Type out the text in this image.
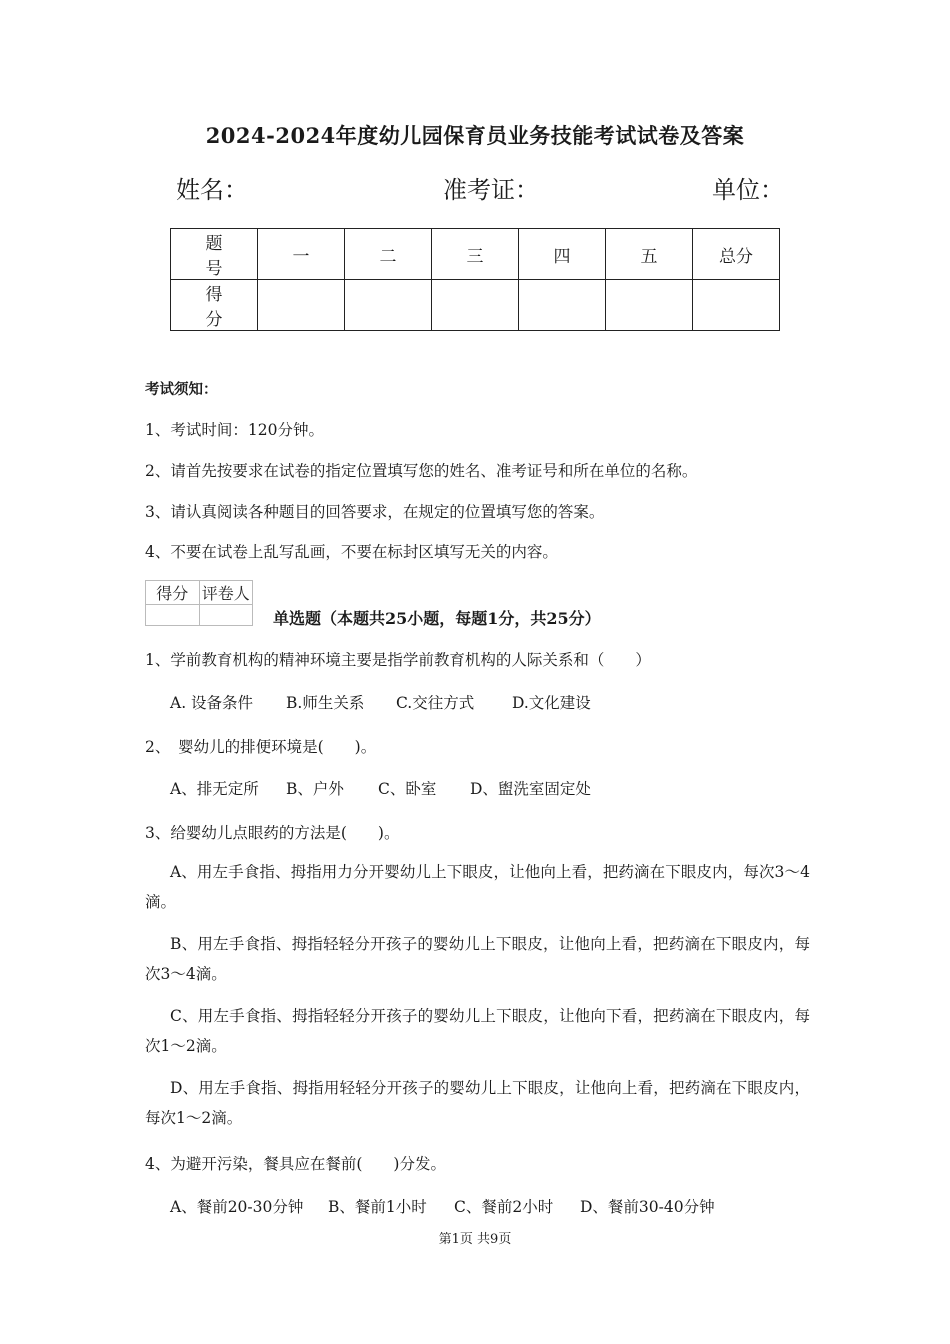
2024-2024年度幼儿园保育员业务技能考试试卷及答案
姓名：	准考证：	单位：
题 号	一	二	三	四	五	总分
得 分						
考试须知：
1、考试时间：120分钟。
2、请首先按要求在试卷的指定位置填写您的姓名、准考证号和所在单位的名称。
3、请认真阅读各种题目的回答要求，在规定的位置填写您的答案。
4、不要在试卷上乱写乱画，不要在标封区填写无关的内容。
得分	评卷人

单选题（本题共25小题，每题1分，共25分）
1、学前教育机构的精神环境主要是指学前教育机构的人际关系和（　　）
A. 设备条件 B.师生关系 C.交往方式 D.文化建设
2、　婴幼儿的排便环境是(　　)。
A、排无定所 B、户外 C、卧室 D、盥洗室固定处
3、给婴幼儿点眼药的方法是(　　)。
A、用左手食指、拇指用力分开婴幼儿上下眼皮，让他向上看，把药滴在下眼皮内，每次3～4滴。
B、用左手食指、拇指轻轻分开孩子的婴幼儿上下眼皮，让他向上看，把药滴在下眼皮内，每次3～4滴。
C、用左手食指、拇指轻轻分开孩子的婴幼儿上下眼皮，让他向下看，把药滴在下眼皮内，每次1～2滴。
D、用左手食指、拇指用轻轻分开孩子的婴幼儿上下眼皮，让他向上看，把药滴在下眼皮内，每次1～2滴。
4、为避开污染，餐具应在餐前(　　)分发。
A、餐前20-30分钟 B、餐前1小时 C、餐前2小时 D、餐前30-40分钟
第1页 共9页
